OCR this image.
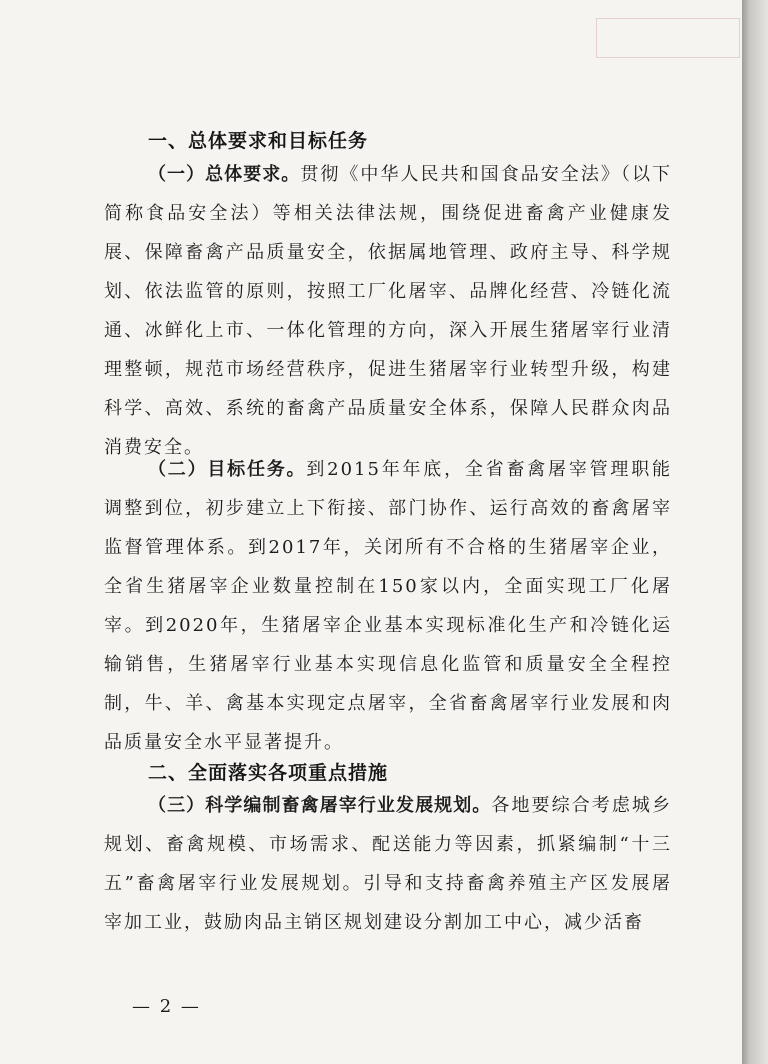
一、总体要求和目标任务

（一）总体要求。贯彻《中华人民共和国食品安全法》（以下简称食品安全法）等相关法律法规，围绕促进畜禽产业健康发展、保障畜禽产品质量安全，依据属地管理、政府主导、科学规划、依法监管的原则，按照工厂化屠宰、品牌化经营、冷链化流通、冰鲜化上市、一体化管理的方向，深入开展生猪屠宰行业清理整顿，规范市场经营秩序，促进生猪屠宰行业转型升级，构建科学、高效、系统的畜禽产品质量安全体系，保障人民群众肉品消费安全。

（二）目标任务。到2015年年底，全省畜禽屠宰管理职能调整到位，初步建立上下衔接、部门协作、运行高效的畜禽屠宰监督管理体系。到2017年，关闭所有不合格的生猪屠宰企业，全省生猪屠宰企业数量控制在150家以内，全面实现工厂化屠宰。到2020年，生猪屠宰企业基本实现标准化生产和冷链化运输销售，生猪屠宰行业基本实现信息化监管和质量安全全程控制，牛、羊、禽基本实现定点屠宰，全省畜禽屠宰行业发展和肉品质量安全水平显著提升。

二、全面落实各项重点措施

（三）科学编制畜禽屠宰行业发展规划。各地要综合考虑城乡规划、畜禽规模、市场需求、配送能力等因素，抓紧编制“十三五”畜禽屠宰行业发展规划。引导和支持畜禽养殖主产区发展屠宰加工业，鼓励肉品主销区规划建设分割加工中心，减少活畜

— 2 —
